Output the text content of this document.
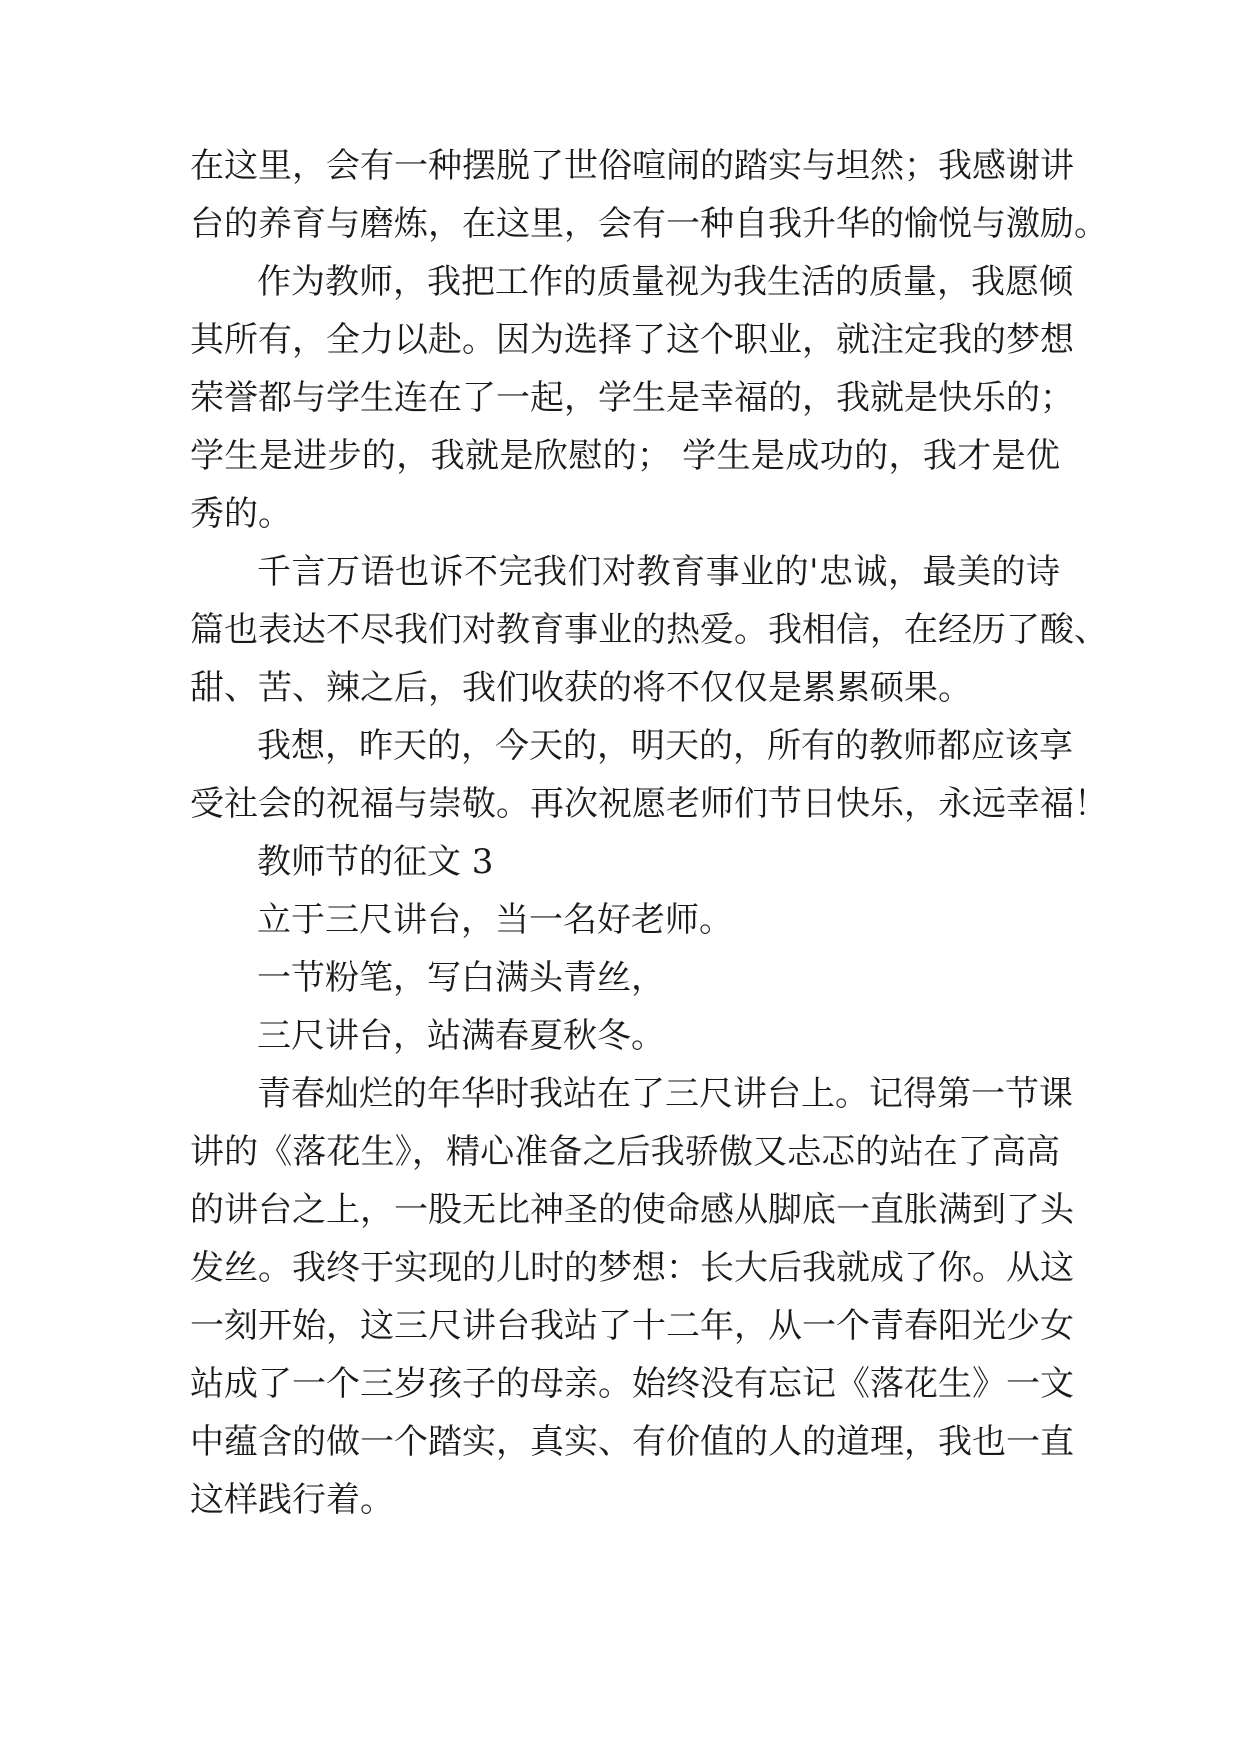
在这里，会有一种摆脱了世俗喧闹的踏实与坦然；我感谢讲
台的养育与磨炼，在这里，会有一种自我升华的愉悦与激励。
作为教师，我把工作的质量视为我生活的质量，我愿倾
其所有，全力以赴。因为选择了这个职业，就注定我的梦想
荣誉都与学生连在了一起，学生是幸福的，我就是快乐的；
学生是进步的，我就是欣慰的； 学生是成功的，我才是优
秀的。
千言万语也诉不完我们对教育事业的'忠诚，最美的诗
篇也表达不尽我们对教育事业的热爱。我相信，在经历了酸、
甜、苦、辣之后，我们收获的将不仅仅是累累硕果。
我想，昨天的，今天的，明天的，所有的教师都应该享
受社会的祝福与崇敬。再次祝愿老师们节日快乐，永远幸福！
教师节的征文 3
立于三尺讲台，当一名好老师。
一节粉笔，写白满头青丝，
三尺讲台，站满春夏秋冬。
青春灿烂的年华时我站在了三尺讲台上。记得第一节课
讲的《落花生》，精心准备之后我骄傲又忐忑的站在了高高
的讲台之上，一股无比神圣的使命感从脚底一直胀满到了头
发丝。我终于实现的儿时的梦想：长大后我就成了你。从这
一刻开始，这三尺讲台我站了十二年，从一个青春阳光少女
站成了一个三岁孩子的母亲。始终没有忘记《落花生》一文
中蕴含的做一个踏实，真实、有价值的人的道理，我也一直
这样践行着。
